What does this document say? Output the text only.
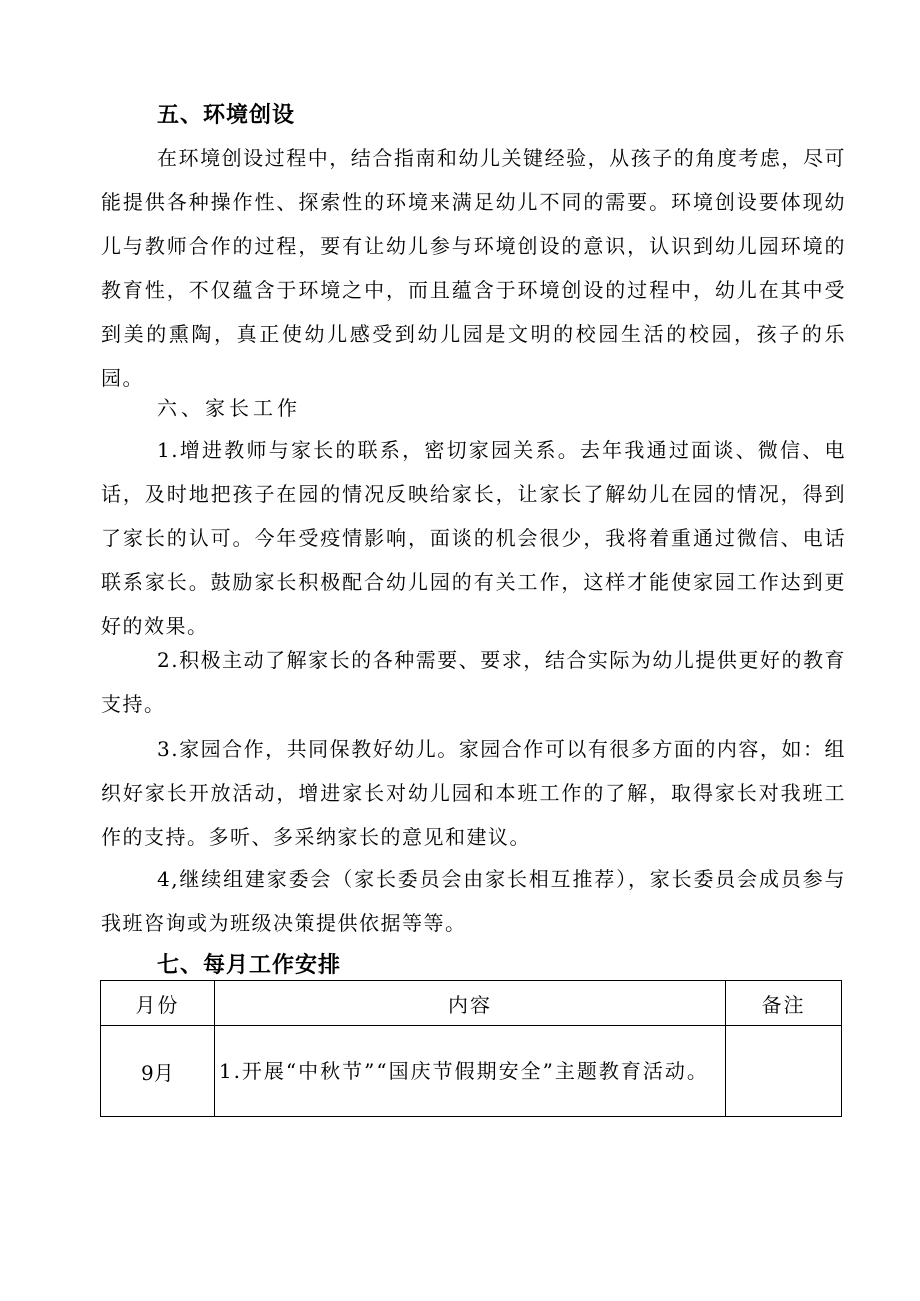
五、环境创设

在环境创设过程中，结合指南和幼儿关键经验，从孩子的角度考虑，尽可能提供各种操作性、探索性的环境来满足幼儿不同的需要。环境创设要体现幼儿与教师合作的过程，要有让幼儿参与环境创设的意识，认识到幼儿园环境的教育性，不仅蕴含于环境之中，而且蕴含于环境创设的过程中，幼儿在其中受到美的熏陶，真正使幼儿感受到幼儿园是文明的校园生活的校园，孩子的乐园。

六、家长工作

1.增进教师与家长的联系，密切家园关系。去年我通过面谈、微信、电话，及时地把孩子在园的情况反映给家长，让家长了解幼儿在园的情况，得到了家长的认可。今年受疫情影响，面谈的机会很少，我将着重通过微信、电话联系家长。鼓励家长积极配合幼儿园的有关工作，这样才能使家园工作达到更好的效果。

2.积极主动了解家长的各种需要、要求，结合实际为幼儿提供更好的教育支持。

3.家园合作，共同保教好幼儿。家园合作可以有很多方面的内容，如：组织好家长开放活动，增进家长对幼儿园和本班工作的了解，取得家长对我班工作的支持。多听、多采纳家长的意见和建议。

4,继续组建家委会（家长委员会由家长相互推荐），家长委员会成员参与我班咨询或为班级决策提供依据等等。

七、每月工作安排
月份	内容	备注
9月	1.开展“中秋节”“国庆节假期安全”主题教育活动。	
